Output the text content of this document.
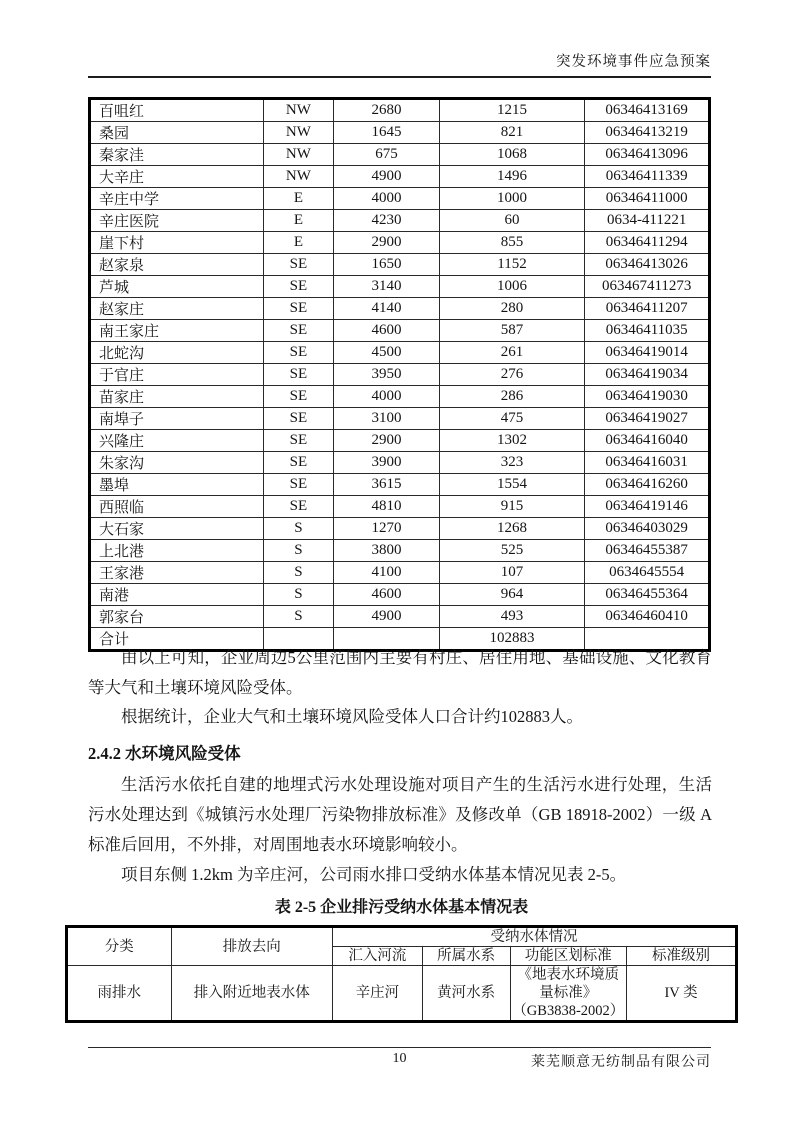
突发环境事件应急预案
百咀红	NW	2680	1215	06346413169
桑园	NW	1645	821	06346413219
秦家洼	NW	675	1068	06346413096
大辛庄	NW	4900	1496	06346411339
辛庄中学	E	4000	1000	06346411000
辛庄医院	E	4230	60	0634-411221
崖下村	E	2900	855	06346411294
赵家泉	SE	1650	1152	06346413026
芦城	SE	3140	1006	063467411273
赵家庄	SE	4140	280	06346411207
南王家庄	SE	4600	587	06346411035
北蛇沟	SE	4500	261	06346419014
于官庄	SE	3950	276	06346419034
苗家庄	SE	4000	286	06346419030
南埠子	SE	3100	475	06346419027
兴隆庄	SE	2900	1302	06346416040
朱家沟	SE	3900	323	06346416031
墨埠	SE	3615	1554	06346416260
西照临	SE	4810	915	06346419146
大石家	S	1270	1268	06346403029
上北港	S	3800	525	06346455387
王家港	S	4100	107	0634645554
南港	S	4600	964	06346455364
郭家台	S	4900	493	06346460410
合计			102883	

由以上可知，企业周边5公里范围内主要有村庄、居住用地、基础设施、文化教育等大气和土壤环境风险受体。

根据统计，企业大气和土壤环境风险受体人口合计约102883人。

2.4.2 水环境风险受体

生活污水依托自建的地埋式污水处理设施对项目产生的生活污水进行处理，生活污水处理达到《城镇污水处理厂污染物排放标准》及修改单（GB 18918-2002）一级 A 标准后回用，不外排，对周围地表水环境影响较小。

项目东侧 1.2km 为辛庄河，公司雨水排口受纳水体基本情况见表 2-5。

表 2-5 企业排污受纳水体基本情况表
分类	排放去向	受纳水体情况			
		汇入河流	所属水系	功能区划标准	标准级别
雨排水	排入附近地表水体	辛庄河	黄河水系	《地表水环境质量标准》
（GB3838-2002）	IV 类
10	莱芜顺意无纺制品有限公司
